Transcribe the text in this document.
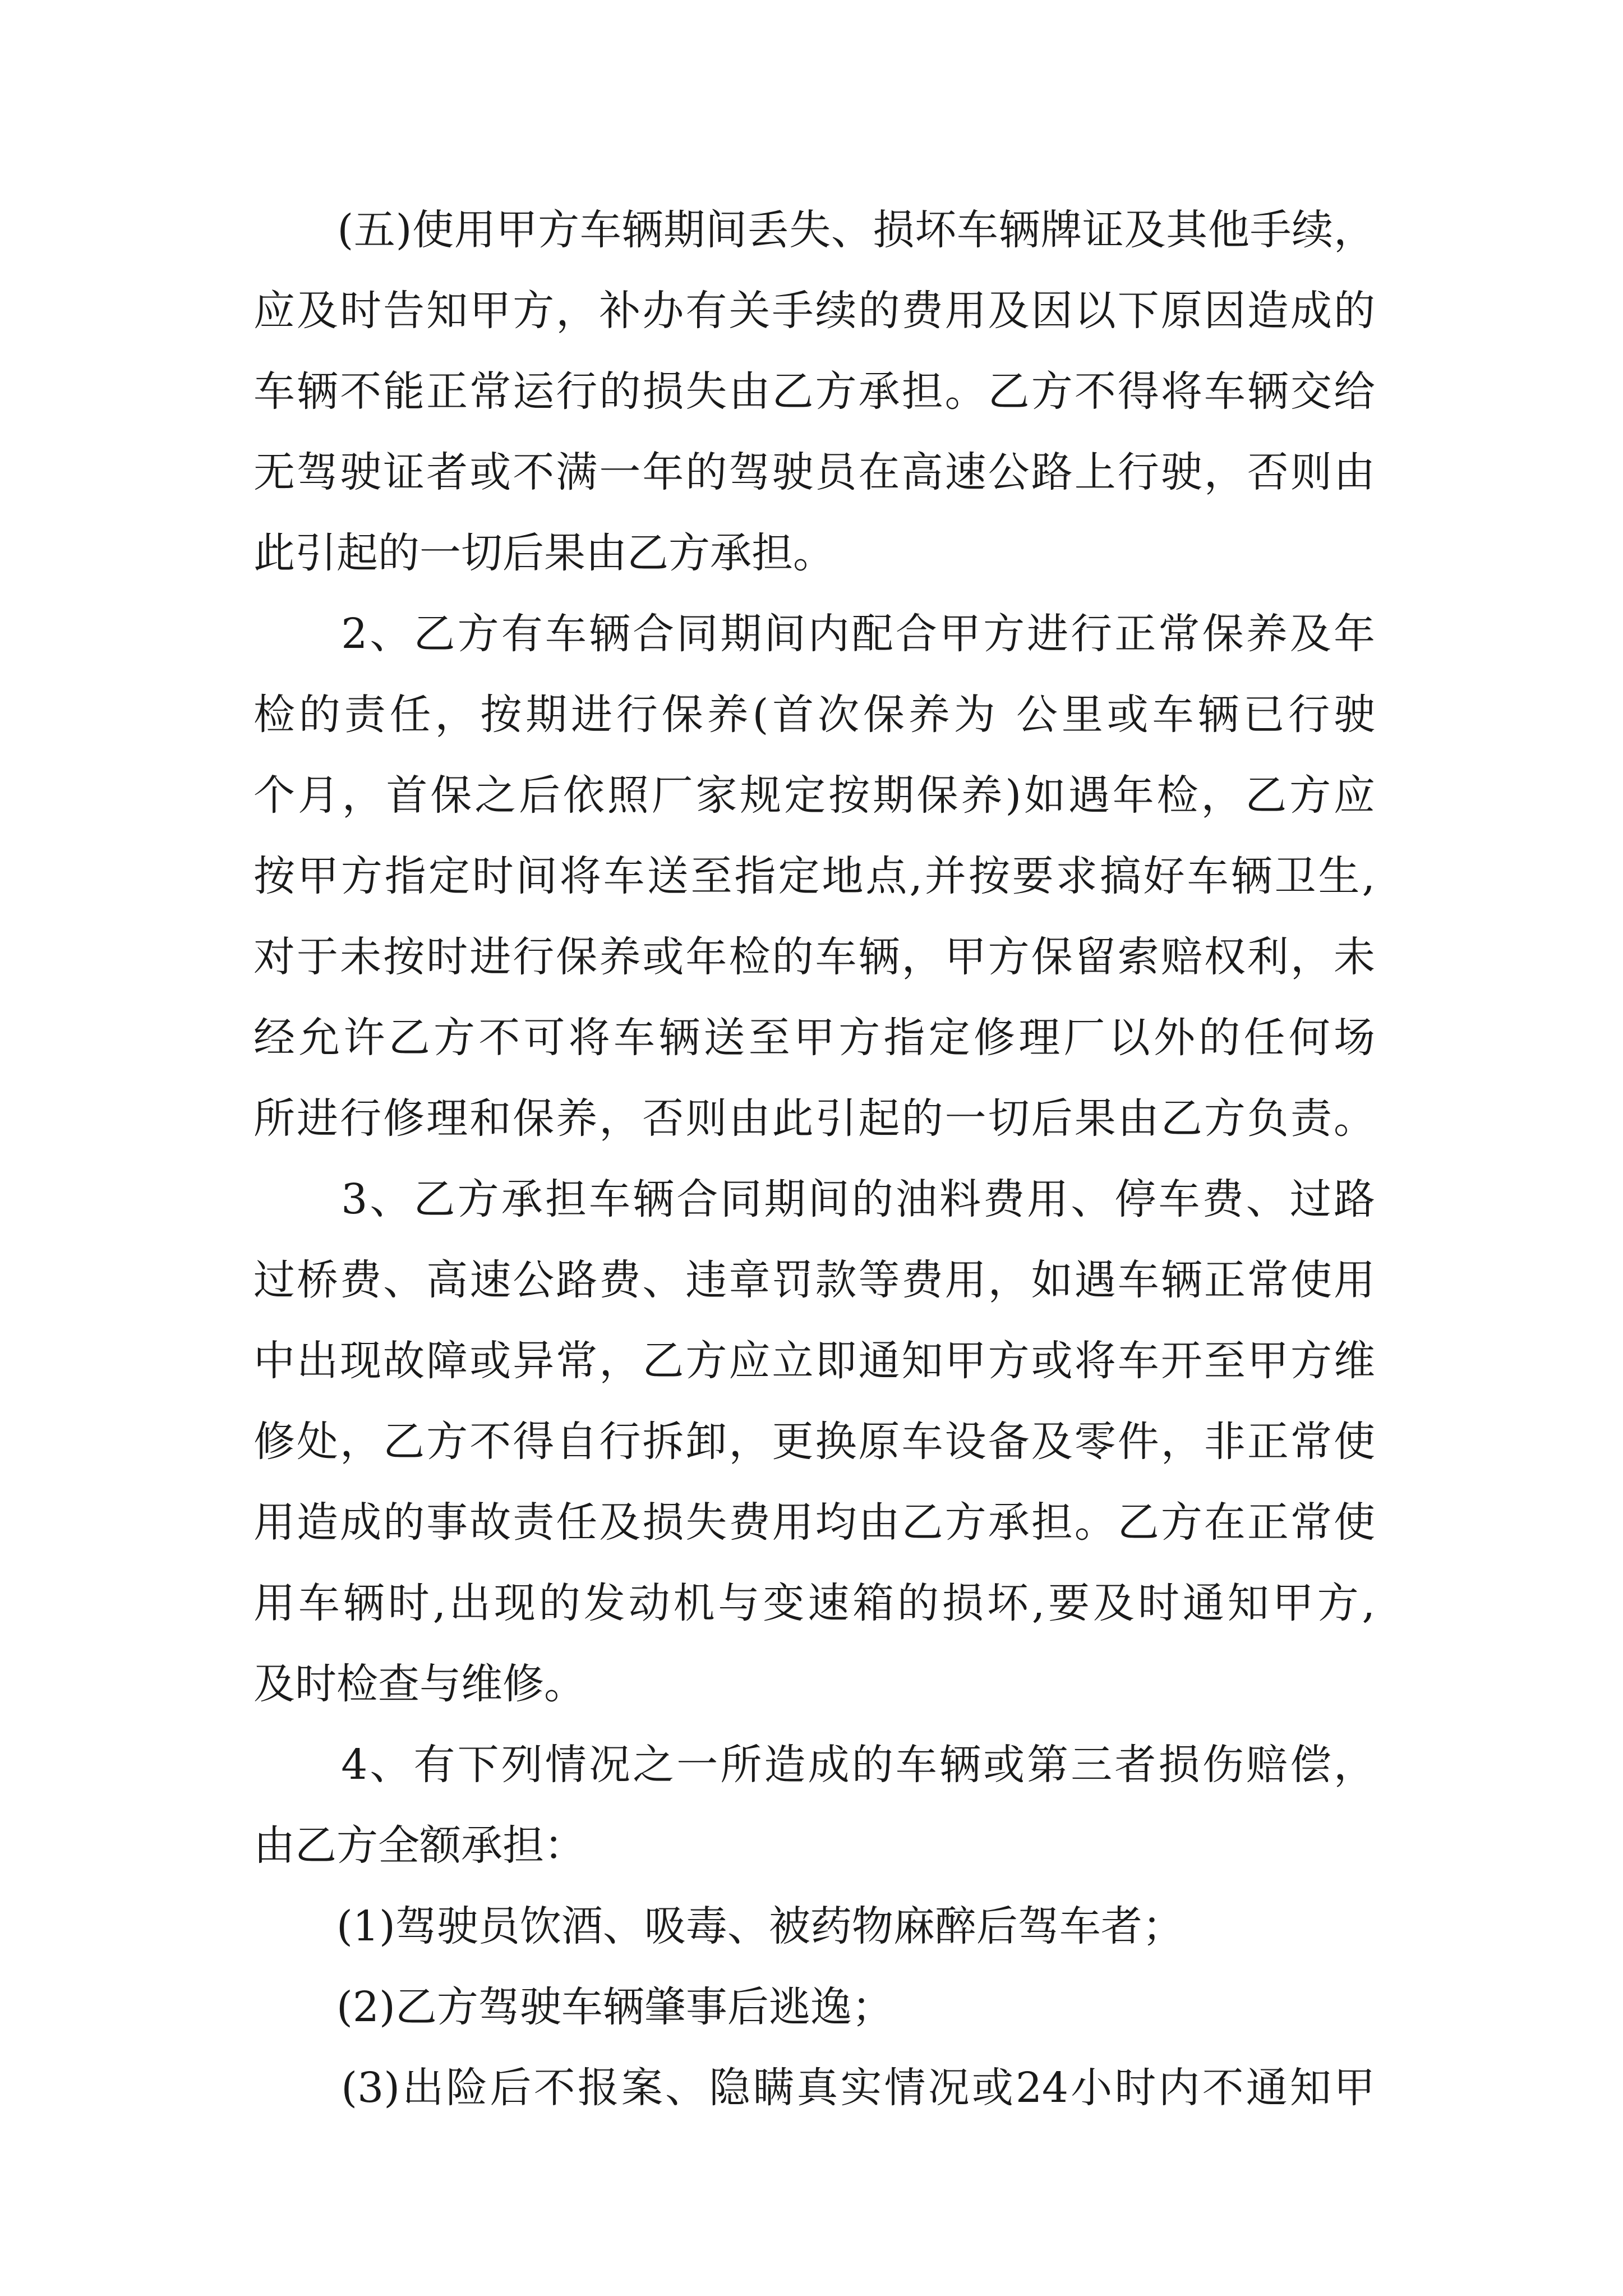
　　(五)使用甲方车辆期间丢失、损坏车辆牌证及其他手续，
应及时告知甲方，补办有关手续的费用及因以下原因造成的
车辆不能正常运行的损失由乙方承担。乙方不得将车辆交给
无驾驶证者或不满一年的驾驶员在高速公路上行驶，否则由
此引起的一切后果由乙方承担。
　　2、乙方有车辆合同期间内配合甲方进行正常保养及年
检的责任，按期进行保养(首次保养为 公里或车辆已行驶
个月，首保之后依照厂家规定按期保养)如遇年检，乙方应
按甲方指定时间将车送至指定地点,并按要求搞好车辆卫生,
对于未按时进行保养或年检的车辆，甲方保留索赔权利，未
经允许乙方不可将车辆送至甲方指定修理厂以外的任何场
所进行修理和保养，否则由此引起的一切后果由乙方负责。
　　3、乙方承担车辆合同期间的油料费用、停车费、过路
过桥费、高速公路费、违章罚款等费用，如遇车辆正常使用
中出现故障或异常，乙方应立即通知甲方或将车开至甲方维
修处，乙方不得自行拆卸，更换原车设备及零件，非正常使
用造成的事故责任及损失费用均由乙方承担。乙方在正常使
用车辆时,出现的发动机与变速箱的损坏,要及时通知甲方,
及时检查与维修。
　　4、有下列情况之一所造成的车辆或第三者损伤赔偿，
由乙方全额承担：
　　(1)驾驶员饮酒、吸毒、被药物麻醉后驾车者；
　　(2)乙方驾驶车辆肇事后逃逸；
　　(3)出险后不报案、隐瞒真实情况或24小时内不通知甲
